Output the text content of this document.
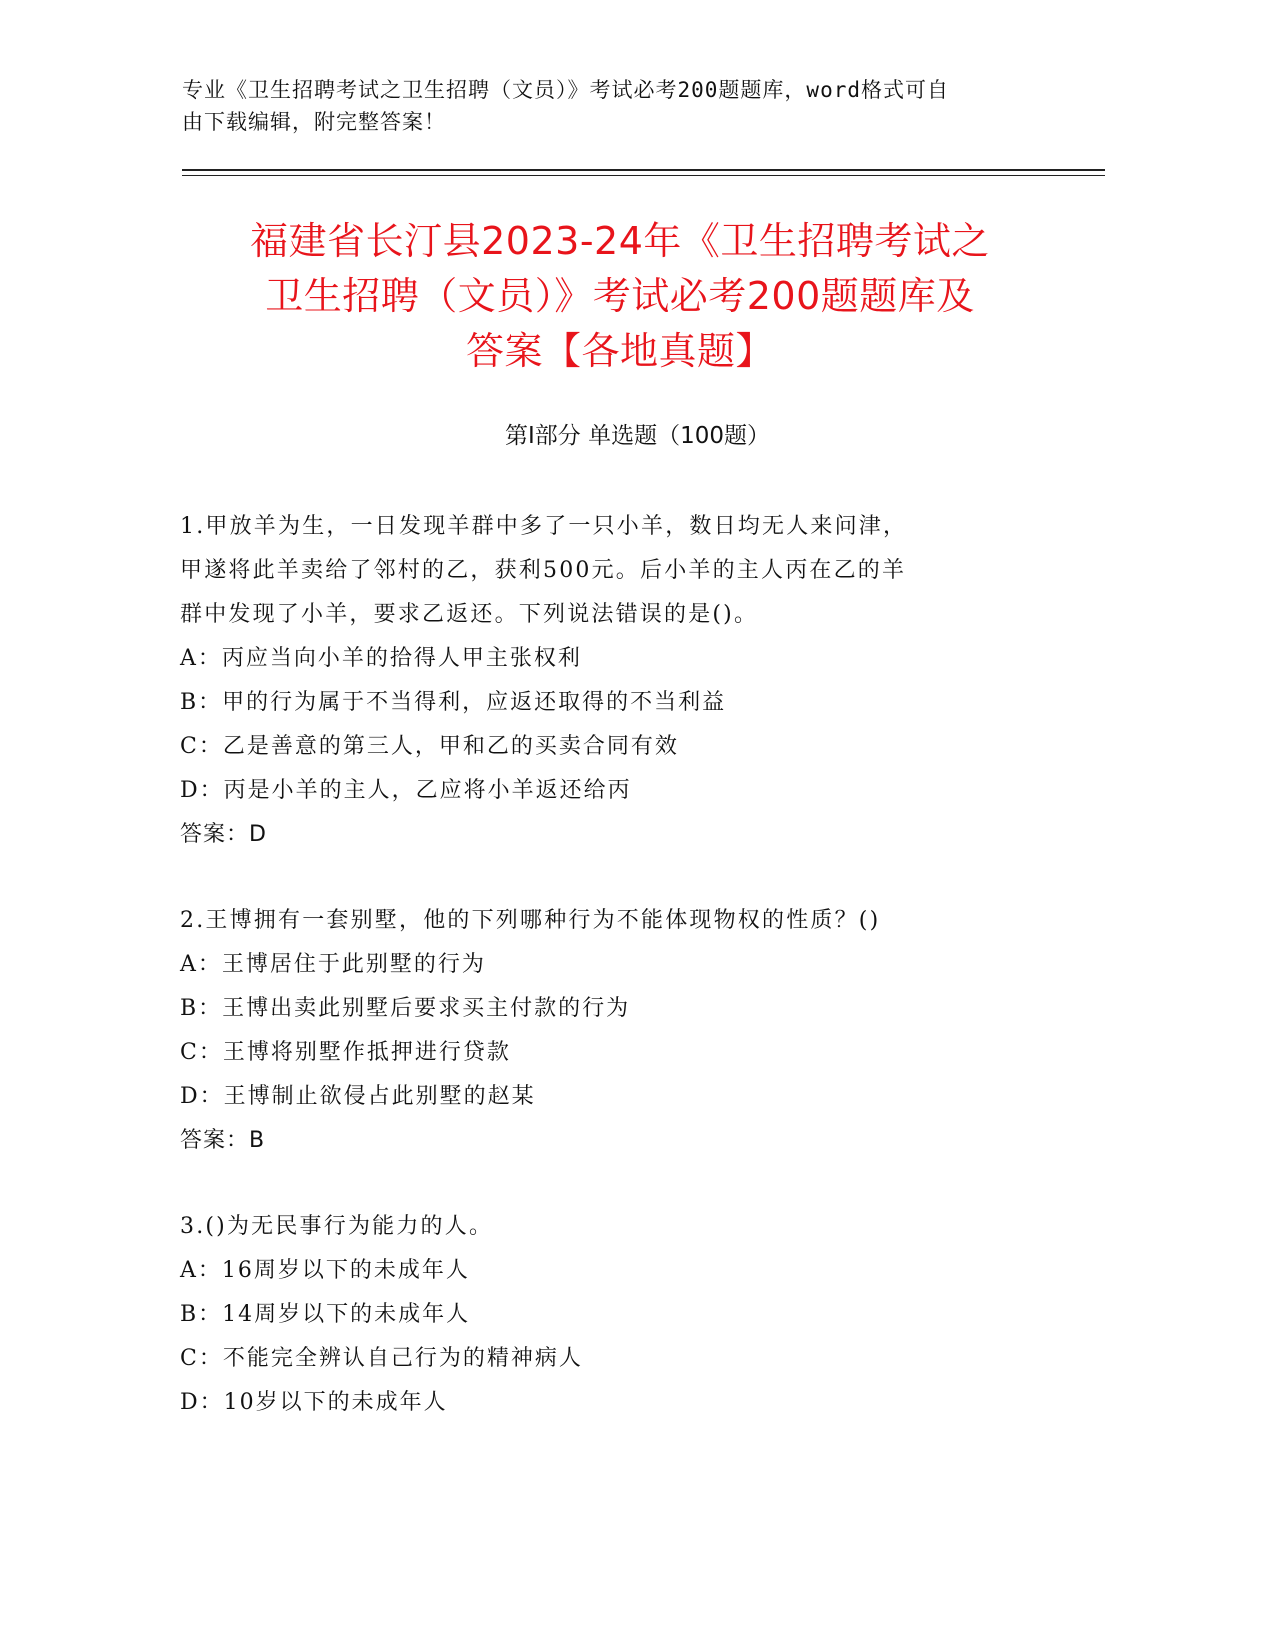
专业《卫生招聘考试之卫生招聘（文员）》考试必考200题题库，word格式可自
由下载编辑，附完整答案！
福建省长汀县2023-24年《卫生招聘考试之
卫生招聘（文员）》考试必考200题题库及
答案【各地真题】
第Ⅰ部分 单选题（100题）
1.甲放羊为生，一日发现羊群中多了一只小羊，数日均无人来问津，
甲遂将此羊卖给了邻村的乙，获利500元。后小羊的主人丙在乙的羊
群中发现了小羊，要求乙返还。下列说法错误的是()。
A：丙应当向小羊的拾得人甲主张权利
B：甲的行为属于不当得利，应返还取得的不当利益
C：乙是善意的第三人，甲和乙的买卖合同有效
D：丙是小羊的主人，乙应将小羊返还给丙
答案：D
2.王博拥有一套别墅，他的下列哪种行为不能体现物权的性质？()
A：王博居住于此别墅的行为
B：王博出卖此别墅后要求买主付款的行为
C：王博将别墅作抵押进行贷款
D：王博制止欲侵占此别墅的赵某
答案：B
3.()为无民事行为能力的人。
A：16周岁以下的未成年人
B：14周岁以下的未成年人
C：不能完全辨认自己行为的精神病人
D：10岁以下的未成年人
